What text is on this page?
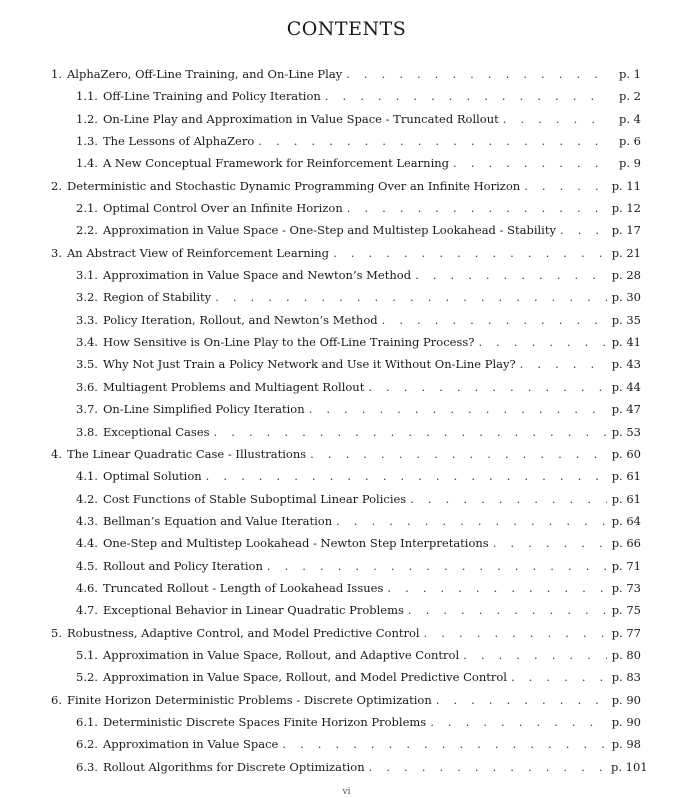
CONTENTS
1. AlphaZero, Off-Line Training, and On-Line Play . . .	p. 1
1.1. Off-Line Training and Policy Iteration . . .	p. 2
1.2. On-Line Play and Approximation in Value Space - Truncated Rollout . . .	p. 4
1.3. The Lessons of AlphaZero . . .	p. 6
1.4. A New Conceptual Framework for Reinforcement Learning . . .	p. 9
2. Deterministic and Stochastic Dynamic Programming Over an Infinite Horizon . . .	p. 11
2.1. Optimal Control Over an Infinite Horizon . . .	p. 12
2.2. Approximation in Value Space - One-Step and Multistep Lookahead - Stability . . .	p. 17
3. An Abstract View of Reinforcement Learning . . .	p. 21
3.1. Approximation in Value Space and Newton’s Method . . .	p. 28
3.2. Region of Stability . . .	p. 30
3.3. Policy Iteration, Rollout, and Newton’s Method . . .	p. 35
3.4. How Sensitive is On-Line Play to the Off-Line Training Process? . . .	p. 41
3.5. Why Not Just Train a Policy Network and Use it Without On-Line Play? . . .	p. 43
3.6. Multiagent Problems and Multiagent Rollout . . .	p. 44
3.7. On-Line Simplified Policy Iteration . . .	p. 47
3.8. Exceptional Cases . . .	p. 53
4. The Linear Quadratic Case - Illustrations . . .	p. 60
4.1. Optimal Solution . . .	p. 61
4.2. Cost Functions of Stable Suboptimal Linear Policies . . .	p. 61
4.3. Bellman’s Equation and Value Iteration . . .	p. 64
4.4. One-Step and Multistep Lookahead - Newton Step Interpretations . . .	p. 66
4.5. Rollout and Policy Iteration . . .	p. 71
4.6. Truncated Rollout - Length of Lookahead Issues . . .	p. 73
4.7. Exceptional Behavior in Linear Quadratic Problems . . .	p. 75
5. Robustness, Adaptive Control, and Model Predictive Control . . .	p. 77
5.1. Approximation in Value Space, Rollout, and Adaptive Control . . .	p. 80
5.2. Approximation in Value Space, Rollout, and Model Predictive Control . . .	p. 83
6. Finite Horizon Deterministic Problems - Discrete Optimization . . .	p. 90
6.1. Deterministic Discrete Spaces Finite Horizon Problems . . .	p. 90
6.2. Approximation in Value Space . . .	p. 98
6.3. Rollout Algorithms for Discrete Optimization . . .	p. 101
vi
